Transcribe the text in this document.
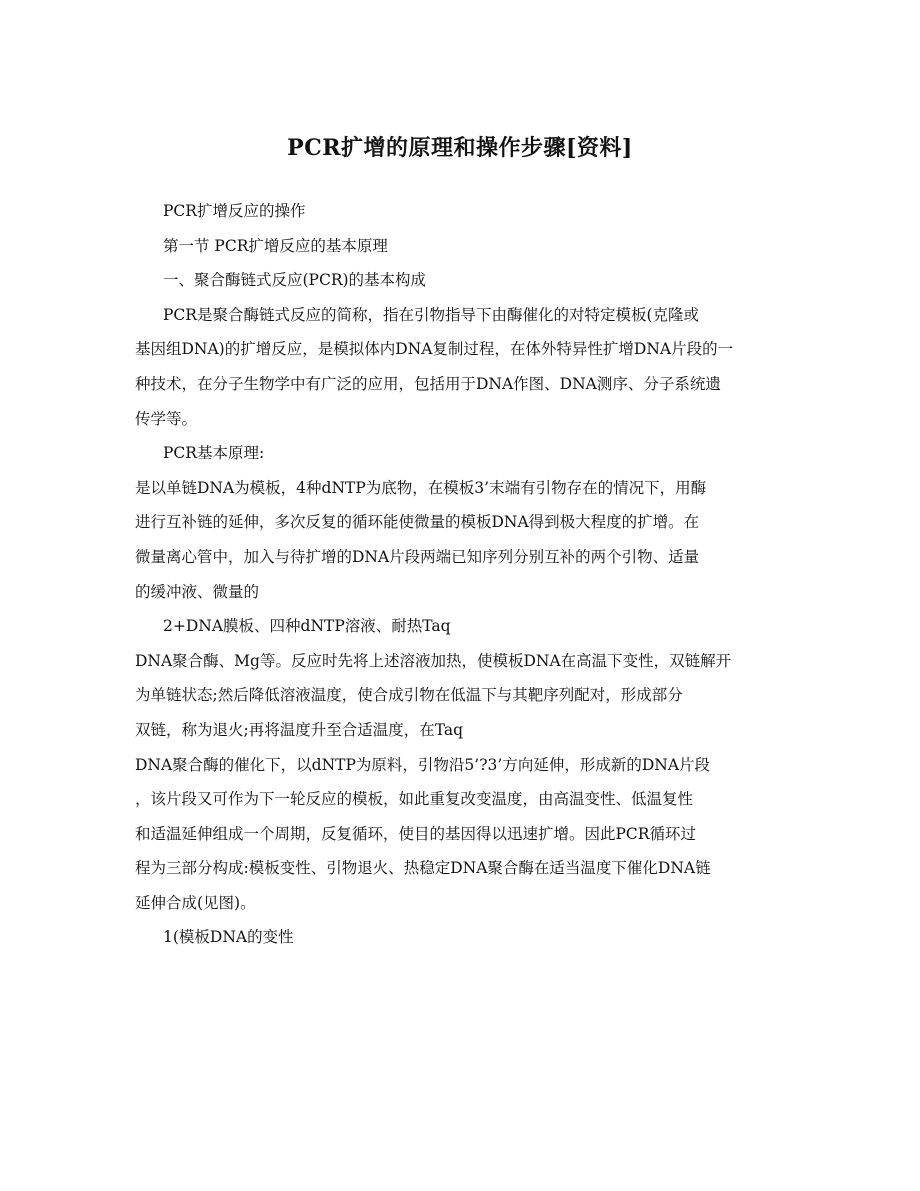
PCR扩增的原理和操作步骤[资料]
PCR扩增反应的操作
第一节 PCR扩增反应的基本原理
一、聚合酶链式反应(PCR)的基本构成
PCR是聚合酶链式反应的简称，指在引物指导下由酶催化的对特定模板(克隆或
基因组DNA)的扩增反应，是模拟体内DNA复制过程，在体外特异性扩增DNA片段的一
种技术，在分子生物学中有广泛的应用，包括用于DNA作图、DNA测序、分子系统遗
传学等。
PCR基本原理:
是以单链DNA为模板，4种dNTP为底物，在模板3’末端有引物存在的情况下，用酶
进行互补链的延伸，多次反复的循环能使微量的模板DNA得到极大程度的扩增。在
微量离心管中，加入与待扩增的DNA片段两端已知序列分别互补的两个引物、适量
的缓冲液、微量的
2+DNA膜板、四种dNTP溶液、耐热Taq
DNA聚合酶、Mg等。反应时先将上述溶液加热，使模板DNA在高温下变性，双链解开
为单链状态;然后降低溶液温度，使合成引物在低温下与其靶序列配对，形成部分
双链，称为退火;再将温度升至合适温度，在Taq
DNA聚合酶的催化下，以dNTP为原料，引物沿5’?3’方向延伸，形成新的DNA片段
，该片段又可作为下一轮反应的模板，如此重复改变温度，由高温变性、低温复性
和适温延伸组成一个周期，反复循环，使目的基因得以迅速扩增。因此PCR循环过
程为三部分构成:模板变性、引物退火、热稳定DNA聚合酶在适当温度下催化DNA链
延伸合成(见图)。
1(模板DNA的变性
